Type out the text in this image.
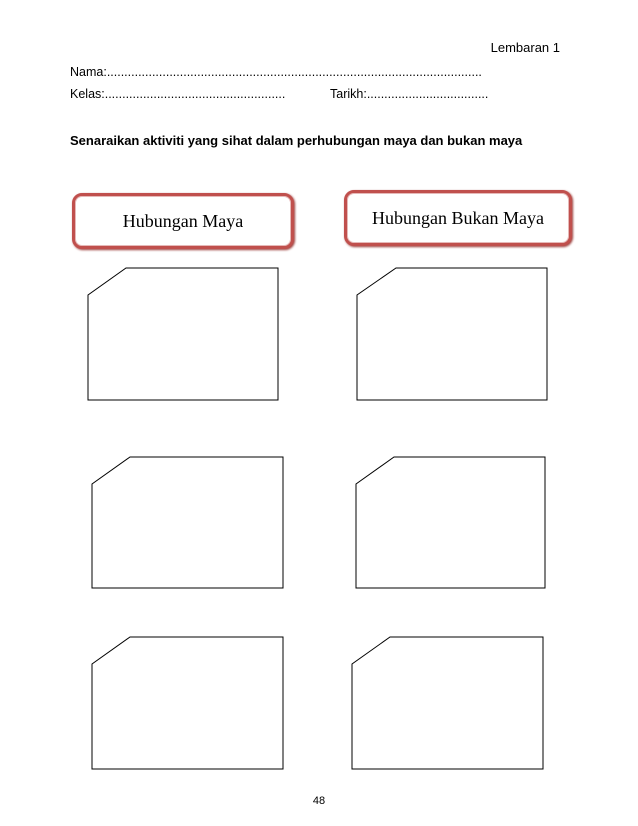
Lembaran 1
Nama:............................................................................................................
Kelas:....................................................	Tarikh:...................................
Senaraikan aktiviti yang sihat dalam perhubungan maya dan bukan maya
Hubungan Maya	Hubungan Bukan Maya
48
